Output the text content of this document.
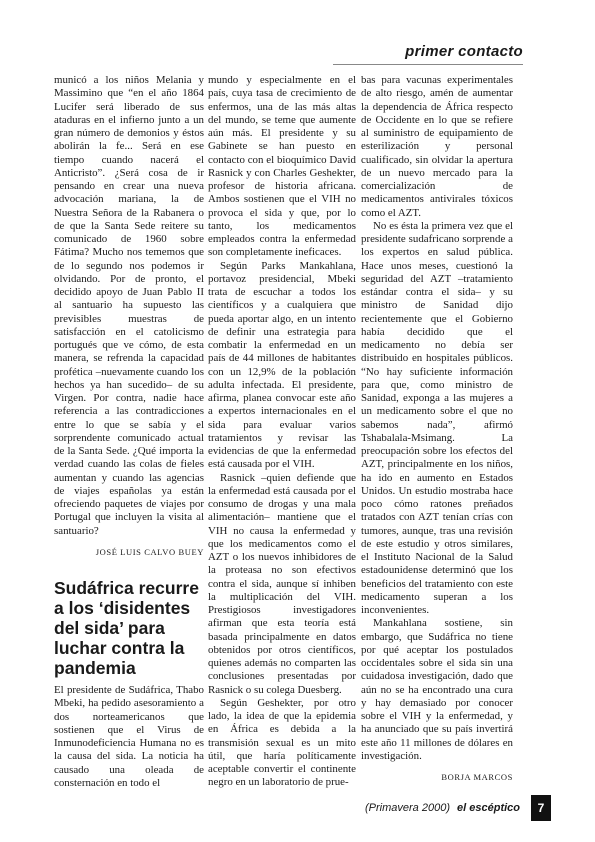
primer contacto

municó a los niños Melania y Massimino que “en el año 1864 Lucifer será liberado de sus ataduras en el infierno junto a un gran número de demonios y éstos abolirán la fe... Será en ese tiempo cuando nacerá el Anticristo”. ¿Será cosa de ir pensando en crear una nueva advocación mariana, la de Nuestra Señora de la Rabanera o de que la Santa Sede reitere su comunicado de 1960 sobre Fátima? Mucho nos tememos que de lo segundo nos podemos ir olvidando. Por de pronto, el decidido apoyo de Juan Pablo II al santuario ha supuesto las previsibles muestras de satisfacción en el catolicismo portugués que ve cómo, de esta manera, se refrenda la capacidad profética –nuevamente cuando los hechos ya han sucedido– de su Virgen. Por contra, nadie hace referencia a las contradicciones entre lo que se sabía y el sorprendente comunicado actual de la Santa Sede. ¿Qué importa la verdad cuando las colas de fieles aumentan y cuando las agencias de viajes españolas ya están ofreciendo paquetes de viajes por Portugal que incluyen la visita al santuario?

JOSÉ LUIS CALVO BUEY

Sudáfrica recurre a los ‘disidentes del sida’ para luchar contra la pandemia

El presidente de Sudáfrica, Thabo Mbeki, ha pedido asesoramiento a dos norteamericanos que sostienen que el Virus de Inmunodeficiencia Humana no es la causa del sida. La noticia ha causado una oleada de consternación en todo el

mundo y especialmente en el país, cuya tasa de crecimiento de enfermos, una de las más altas del mundo, se teme que aumente aún más. El presidente y su Gabinete se han puesto en contacto con el bioquímico David Rasnick y con Charles Geshekter, profesor de historia africana. Ambos sostienen que el VIH no provoca el sida y que, por lo tanto, los medicamentos empleados contra la enfermedad son completamente ineficaces.

Según Parks Mankahlana, portavoz presidencial, Mbeki trata de escuchar a todos los científicos y a cualquiera que pueda aportar algo, en un intento de definir una estrategia para combatir la enfermedad en un país de 44 millones de habitantes con un 12,9% de la población adulta infectada. El presidente, afirma, planea convocar este año a expertos internacionales en el sida para evaluar varios tratamientos y revisar las evidencias de que la enfermedad está causada por el VIH.

Rasnick –quien defiende que la enfermedad está causada por el consumo de drogas y una mala alimentación– mantiene que el VIH no causa la enfermedad y que los medicamentos como el AZT o los nuevos inhibidores de la proteasa no son efectivos contra el sida, aunque sí inhiben la multiplicación del VIH. Prestigiosos investigadores afirman que esta teoría está basada principalmente en datos obtenidos por otros científicos, quienes además no comparten las conclusiones presentadas por Rasnick o su colega Duesberg.

Según Geshekter, por otro lado, la idea de que la epidemia en África es debida a la transmisión sexual es un mito útil, que haría políticamente aceptable convertir el continente negro en un laboratorio de prue-

bas para vacunas experimentales de alto riesgo, amén de aumentar la dependencia de África respecto de Occidente en lo que se refiere al suministro de equipamiento de esterilización y personal cualificado, sin olvidar la apertura de un nuevo mercado para la comercialización de medicamentos antivirales tóxicos como el AZT.

No es ésta la primera vez que el presidente sudafricano sorprende a los expertos en salud pública. Hace unos meses, cuestionó la seguridad del AZT –tratamiento estándar contra el sida– y su ministro de Sanidad dijo recientemente que el Gobierno había decidido que el medicamento no debía ser distribuido en hospitales públicos. “No hay suficiente información para que, como ministro de Sanidad, exponga a las mujeres a un medicamento sobre el que no sabemos nada”, afirmó Tshabalala-Msimang. La preocupación sobre los efectos del AZT, principalmente en los niños, ha ido en aumento en Estados Unidos. Un estudio mostraba hace poco cómo ratones preñados tratados con AZT tenían crías con tumores, aunque, tras una revisión de este estudio y otros similares, el Instituto Nacional de la Salud estadounidense determinó que los beneficios del tratamiento con este medicamento superan a los inconvenientes.

Mankahlana sostiene, sin embargo, que Sudáfrica no tiene por qué aceptar los postulados occidentales sobre el sida sin una cuidadosa investigación, dado que aún no se ha encontrado una cura y hay demasiado por conocer sobre el VIH y la enfermedad, y ha anunciado que su país invertirá este año 11 millones de dólares en investigación.

BORJA MARCOS

(Primavera 2000) el escéptico	7
